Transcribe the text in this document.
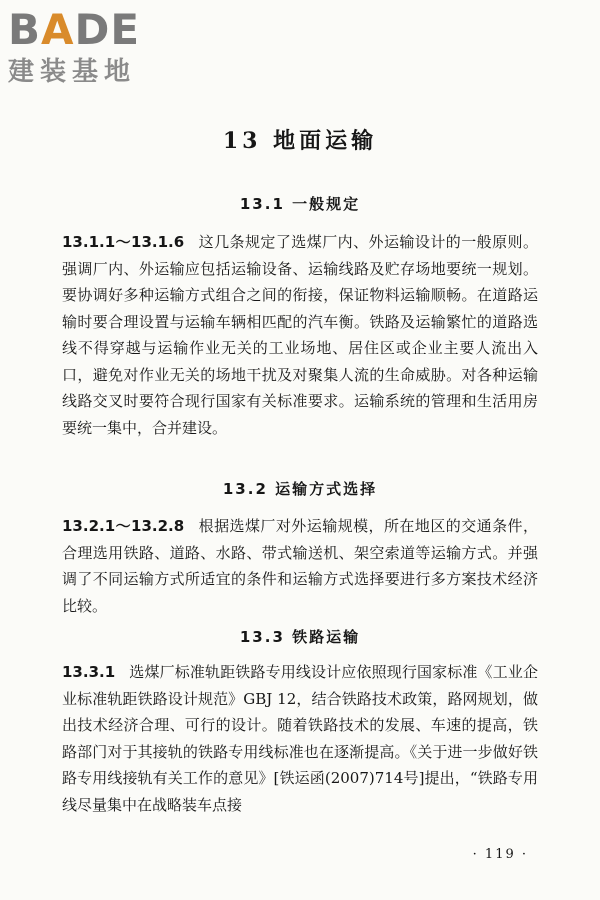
BADE
建装基地
13 地面运输
13.1 一般规定

13.1.1～13.1.6 这几条规定了选煤厂内、外运输设计的一般原则。强调厂内、外运输应包括运输设备、运输线路及贮存场地要统一规划。要协调好多种运输方式组合之间的衔接，保证物料运输顺畅。在道路运输时要合理设置与运输车辆相匹配的汽车衡。铁路及运输繁忙的道路选线不得穿越与运输作业无关的工业场地、居住区或企业主要人流出入口，避免对作业无关的场地干扰及对聚集人流的生命威胁。对各种运输线路交叉时要符合现行国家有关标准要求。运输系统的管理和生活用房要统一集中，合并建设。

13.2 运输方式选择

13.2.1～13.2.8 根据选煤厂对外运输规模，所在地区的交通条件，合理选用铁路、道路、水路、带式输送机、架空索道等运输方式。并强调了不同运输方式所适宜的条件和运输方式选择要进行多方案技术经济比较。

13.3 铁路运输

13.3.1 选煤厂标准轨距铁路专用线设计应依照现行国家标准《工业企业标准轨距铁路设计规范》GBJ 12，结合铁路技术政策，路网规划，做出技术经济合理、可行的设计。随着铁路技术的发展、车速的提高，铁路部门对于其接轨的铁路专用线标准也在逐渐提高。《关于进一步做好铁路专用线接轨有关工作的意见》[铁运函(2007)714号]提出，“铁路专用线尽量集中在战略装车点接

· 119 ·
